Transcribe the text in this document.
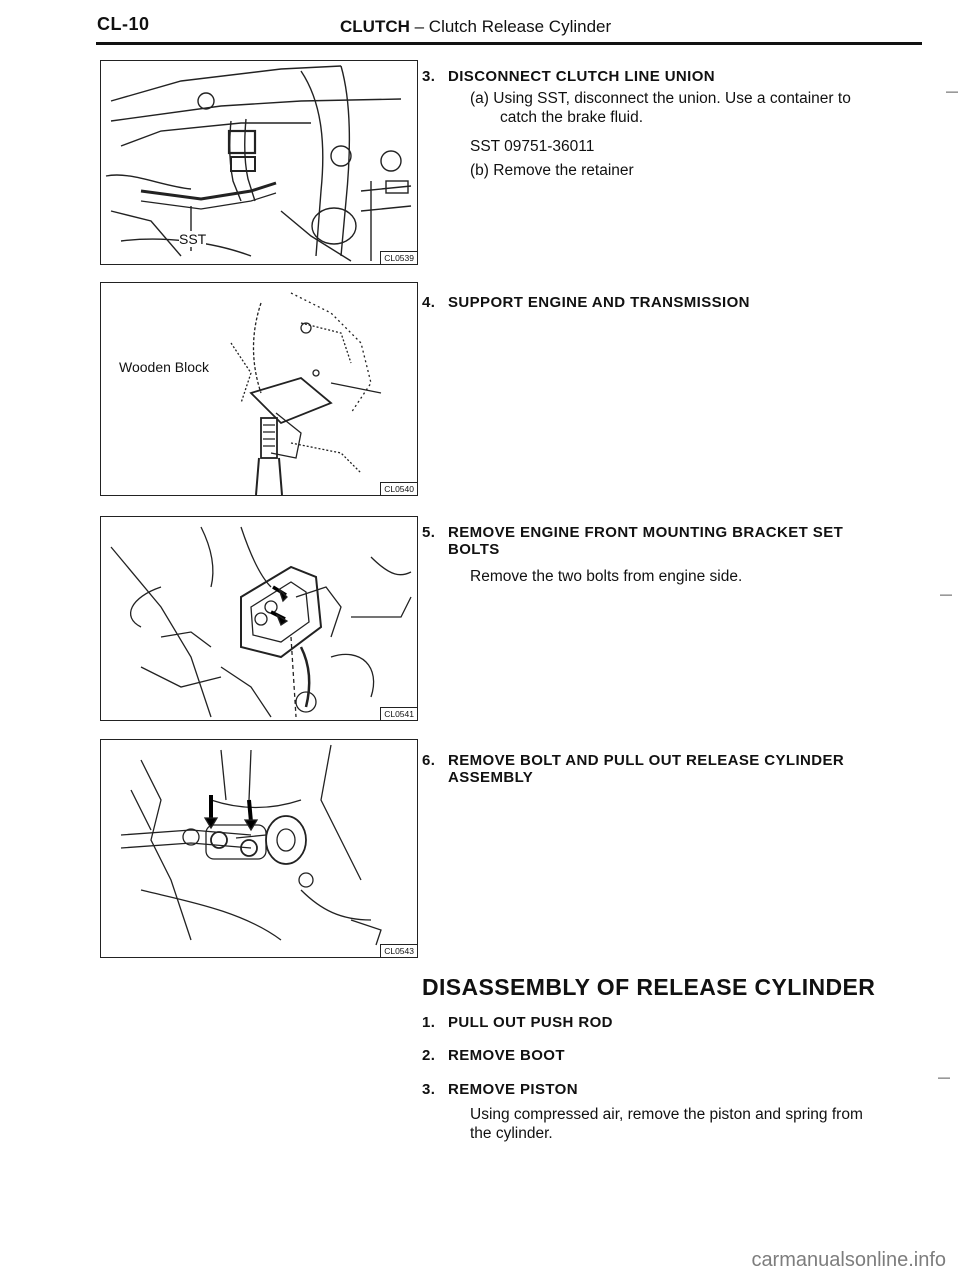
CL-10	CLUTCH – Clutch Release Cylinder
SST
CL0539
Wooden Block
CL0540
CL0541
CL0543
3. DISCONNECT CLUTCH LINE UNION
(a) Using SST, disconnect the union. Use a container to
catch the brake fluid.
SST 09751-36011
(b) Remove the retainer
4. SUPPORT ENGINE AND TRANSMISSION
5. REMOVE ENGINE FRONT MOUNTING BRACKET SET
BOLTS
Remove the two bolts from engine side.
6. REMOVE BOLT AND PULL OUT RELEASE CYLINDER
ASSEMBLY
DISASSEMBLY OF RELEASE CYLINDER
1. PULL OUT PUSH ROD
2. REMOVE BOOT
3. REMOVE PISTON
Using compressed air, remove the piston and spring from
the cylinder.
—
—
—
carmanualsonline.info
